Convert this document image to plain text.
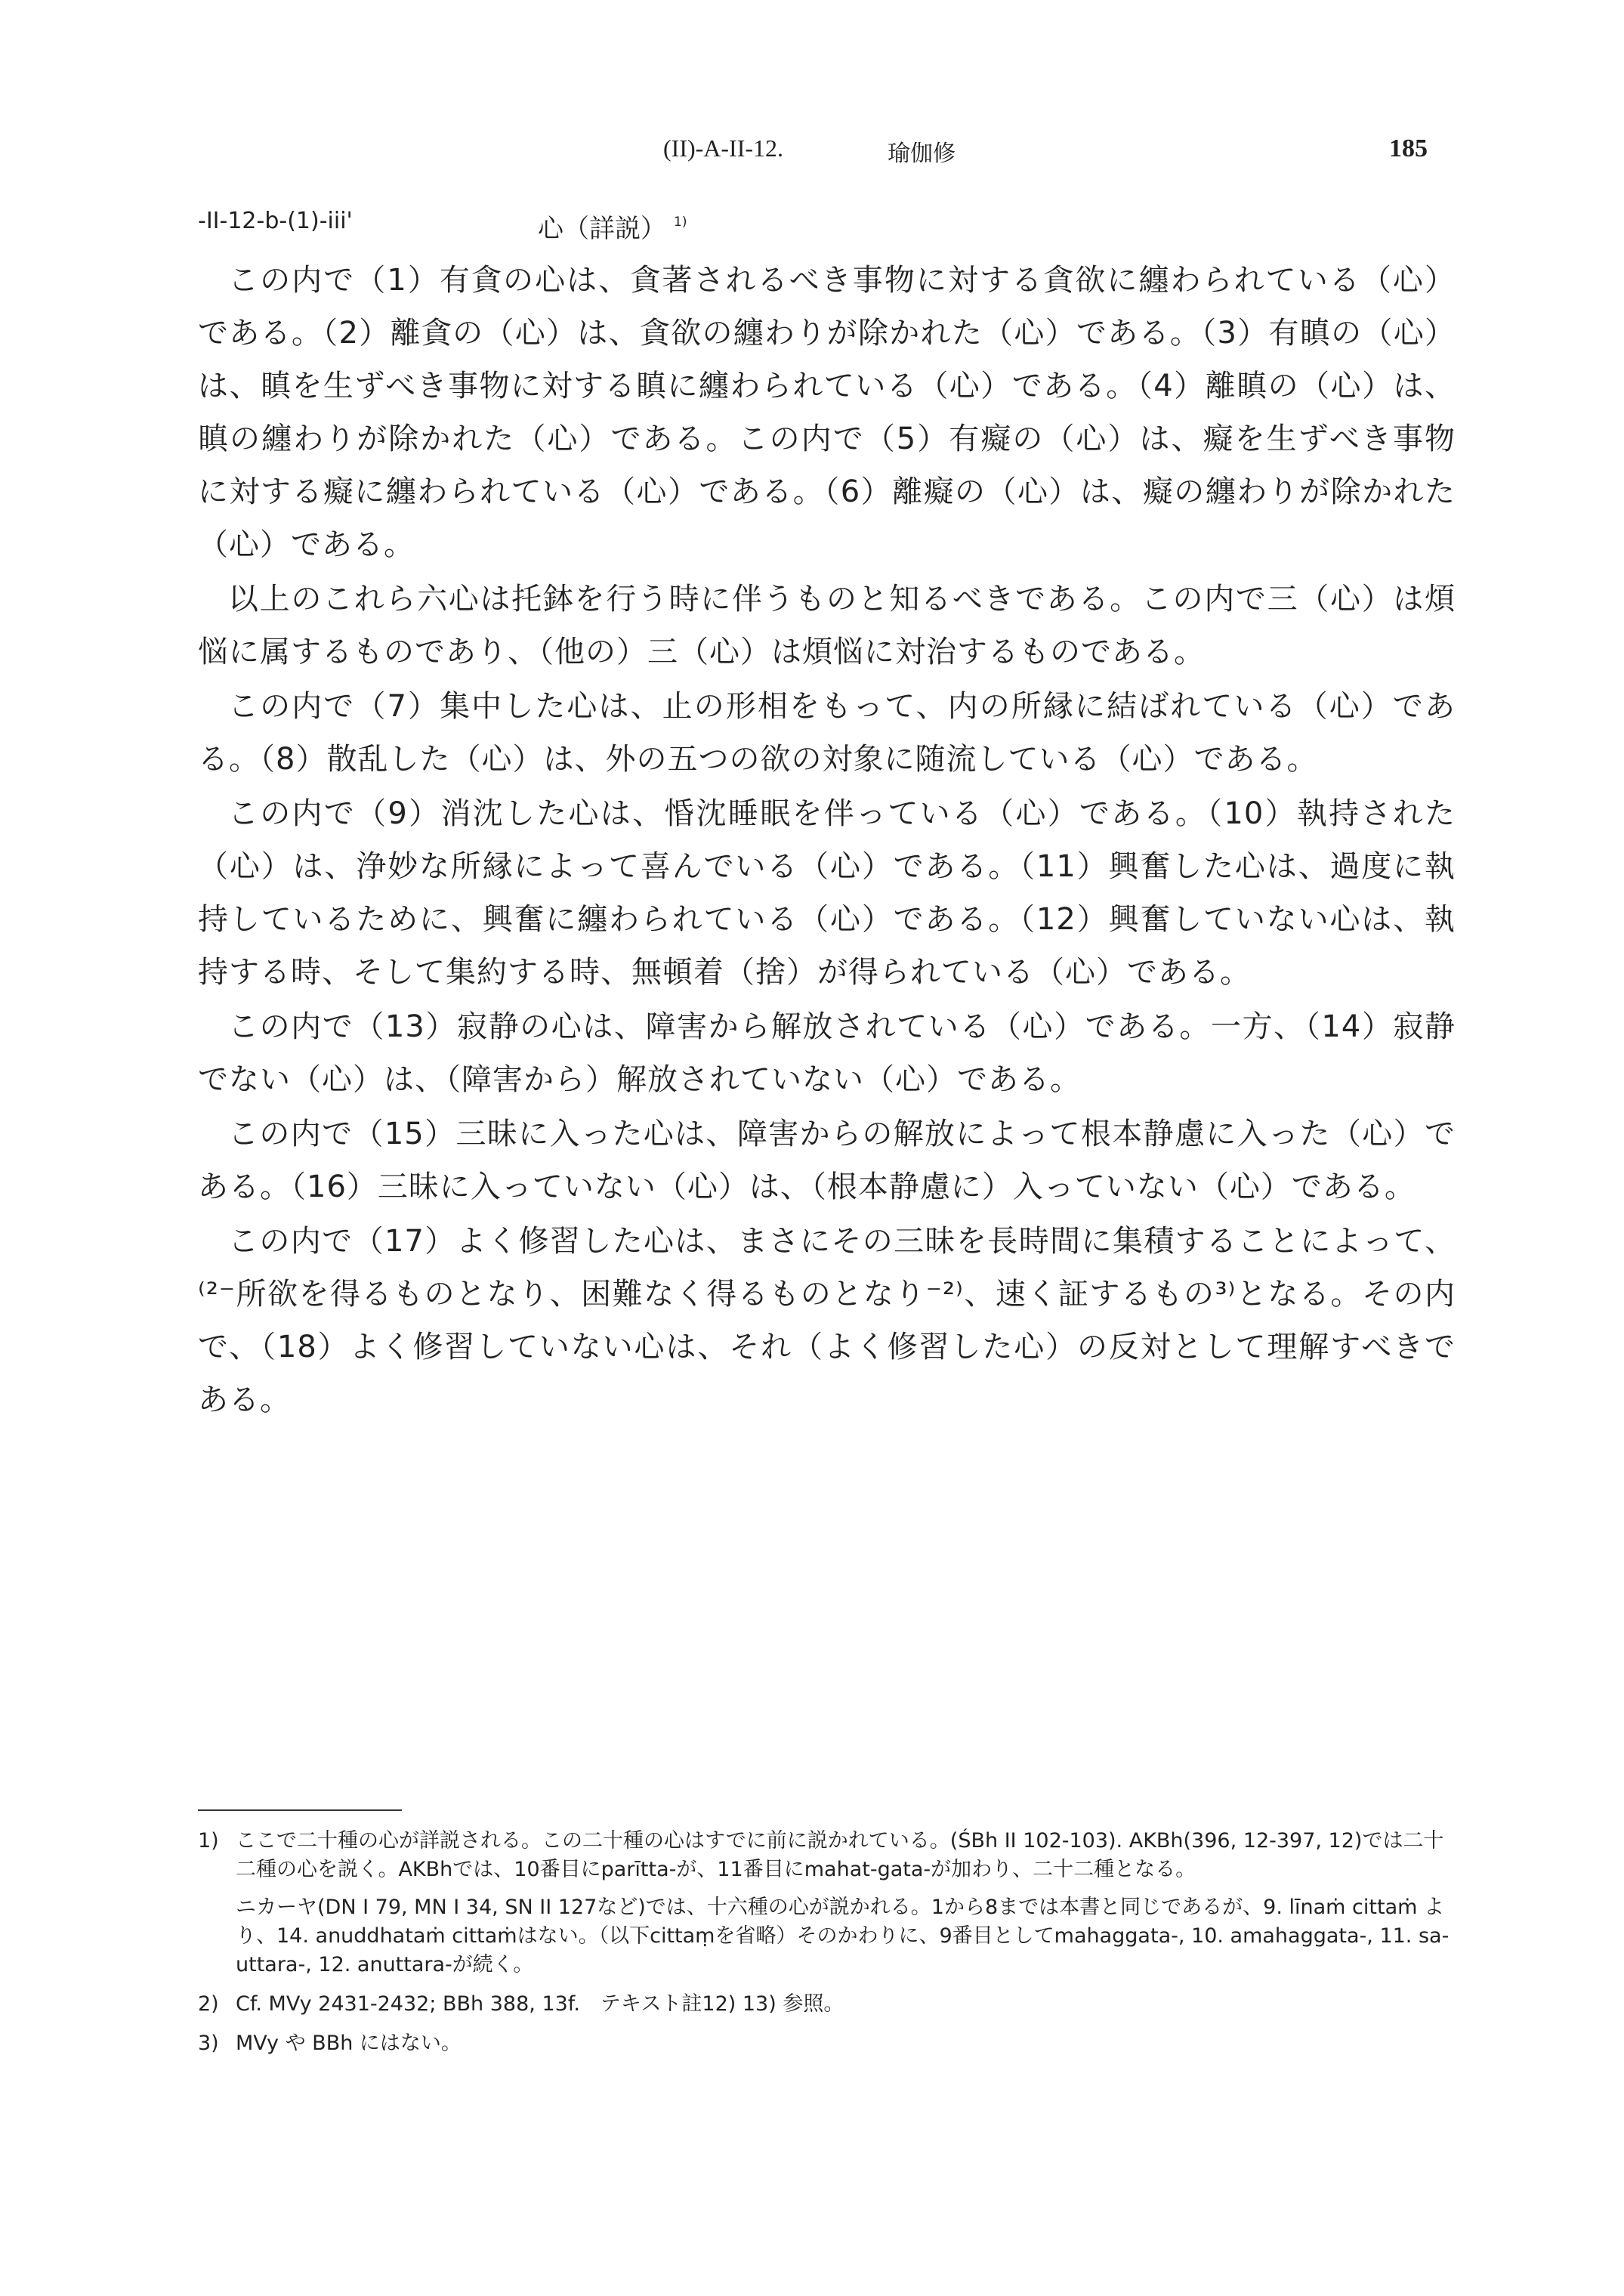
(II)-A-II-12.	瑜伽修	185
-II-12-b-(1)-iii'	心（詳説） $^{1)}$

この内で（1）有貪の心は、貪著されるべき事物に対する貪欲に纏わられている（心）である。（2）離貪の（心）は、貪欲の纏わりが除かれた（心）である。（3）有瞋の（心）は、瞋を生ずべき事物に対する瞋に纏わられている（心）である。（4）離瞋の（心）は、瞋の纏わりが除かれた（心）である。この内で（5）有癡の（心）は、癡を生ずべき事物に対する癡に纏わられている（心）である。（6）離癡の（心）は、癡の纏わりが除かれた（心）である。

以上のこれら六心は托鉢を行う時に伴うものと知るべきである。この内で三（心）は煩悩に属するものであり、（他の）三（心）は煩悩に対治するものである。

この内で（7）集中した心は、止の形相をもって、内の所縁に結ばれている（心）である。（8）散乱した（心）は、外の五つの欲の対象に随流している（心）である。

この内で（9）消沈した心は、惛沈睡眠を伴っている（心）である。（10）執持された（心）は、浄妙な所縁によって喜んでいる（心）である。（11）興奮した心は、過度に執持しているために、興奮に纏わられている（心）である。（12）興奮していない心は、執持する時、そして集約する時、無頓着（捨）が得られている（心）である。

この内で（13）寂静の心は、障害から解放されている（心）である。一方、（14）寂静でない（心）は、（障害から）解放されていない（心）である。

この内で（15）三昧に入った心は、障害からの解放によって根本静慮に入った（心）である。（16）三昧に入っていない（心）は、（根本静慮に）入っていない（心）である。

この内で（17）よく修習した心は、まさにその三昧を長時間に集積することによって、⁽²⁻所欲を得るものとなり、困難なく得るものとなり⁻²⁾、速く証するもの³⁾となる。その内で、（18）よく修習していない心は、それ（よく修習した心）の反対として理解すべきである。

1) ここで二十種の心が詳説される。この二十種の心はすでに前に説かれている。(ŚBh II 102-103). AKBh(396, 12-397, 12)では二十二種の心を説く。AKBhでは、10番目にparītta-が、11番目にmahat-gata-が加わり、二十二種となる。
ニカーヤ(DN I 79, MN I 34, SN II 127など)では、十六種の心が説かれる。1から8までは本書と同じであるが、9. līnaṁ cittaṁ より、14. anuddhataṁ cittaṁはない。（以下cittaṃを省略）そのかわりに、9番目としてmahaggata-, 10. amahaggata-, 11. sa-uttara-, 12. anuttara-が続く。
2) Cf. MVy 2431-2432; BBh 388, 13f.　テキスト註12) 13) 参照。
3) MVy や BBh にはない。
